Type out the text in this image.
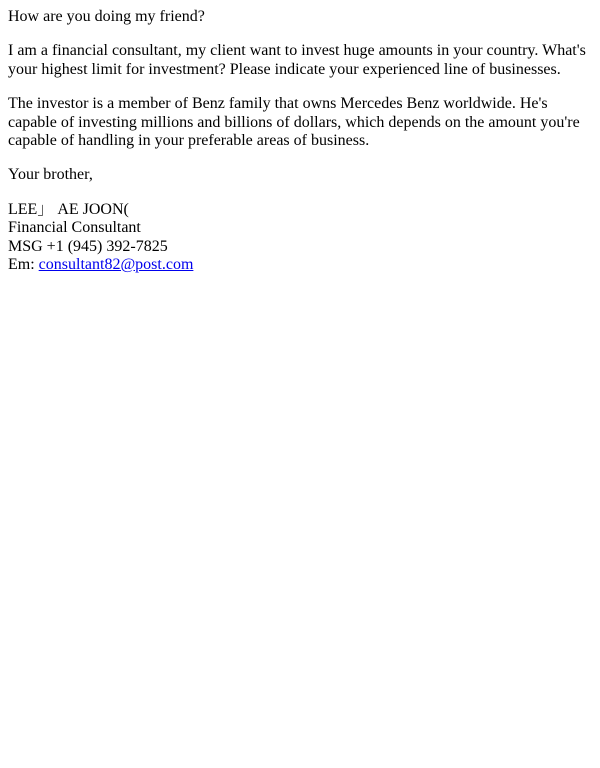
How are you doing my friend?

I am a financial consultant, my client want to invest huge amounts in your country. What's your highest limit for investment? Please indicate your experienced line of businesses.

The investor is a member of Benz family that owns Mercedes Benz worldwide. He's capable of investing millions and billions of dollars, which depends on the amount you're capable of handling in your preferable areas of business.

Your brother,

LEE」 AE JOON(
Financial Consultant
MSG +1 (945) 392-7825
Em: consultant82@post.com
